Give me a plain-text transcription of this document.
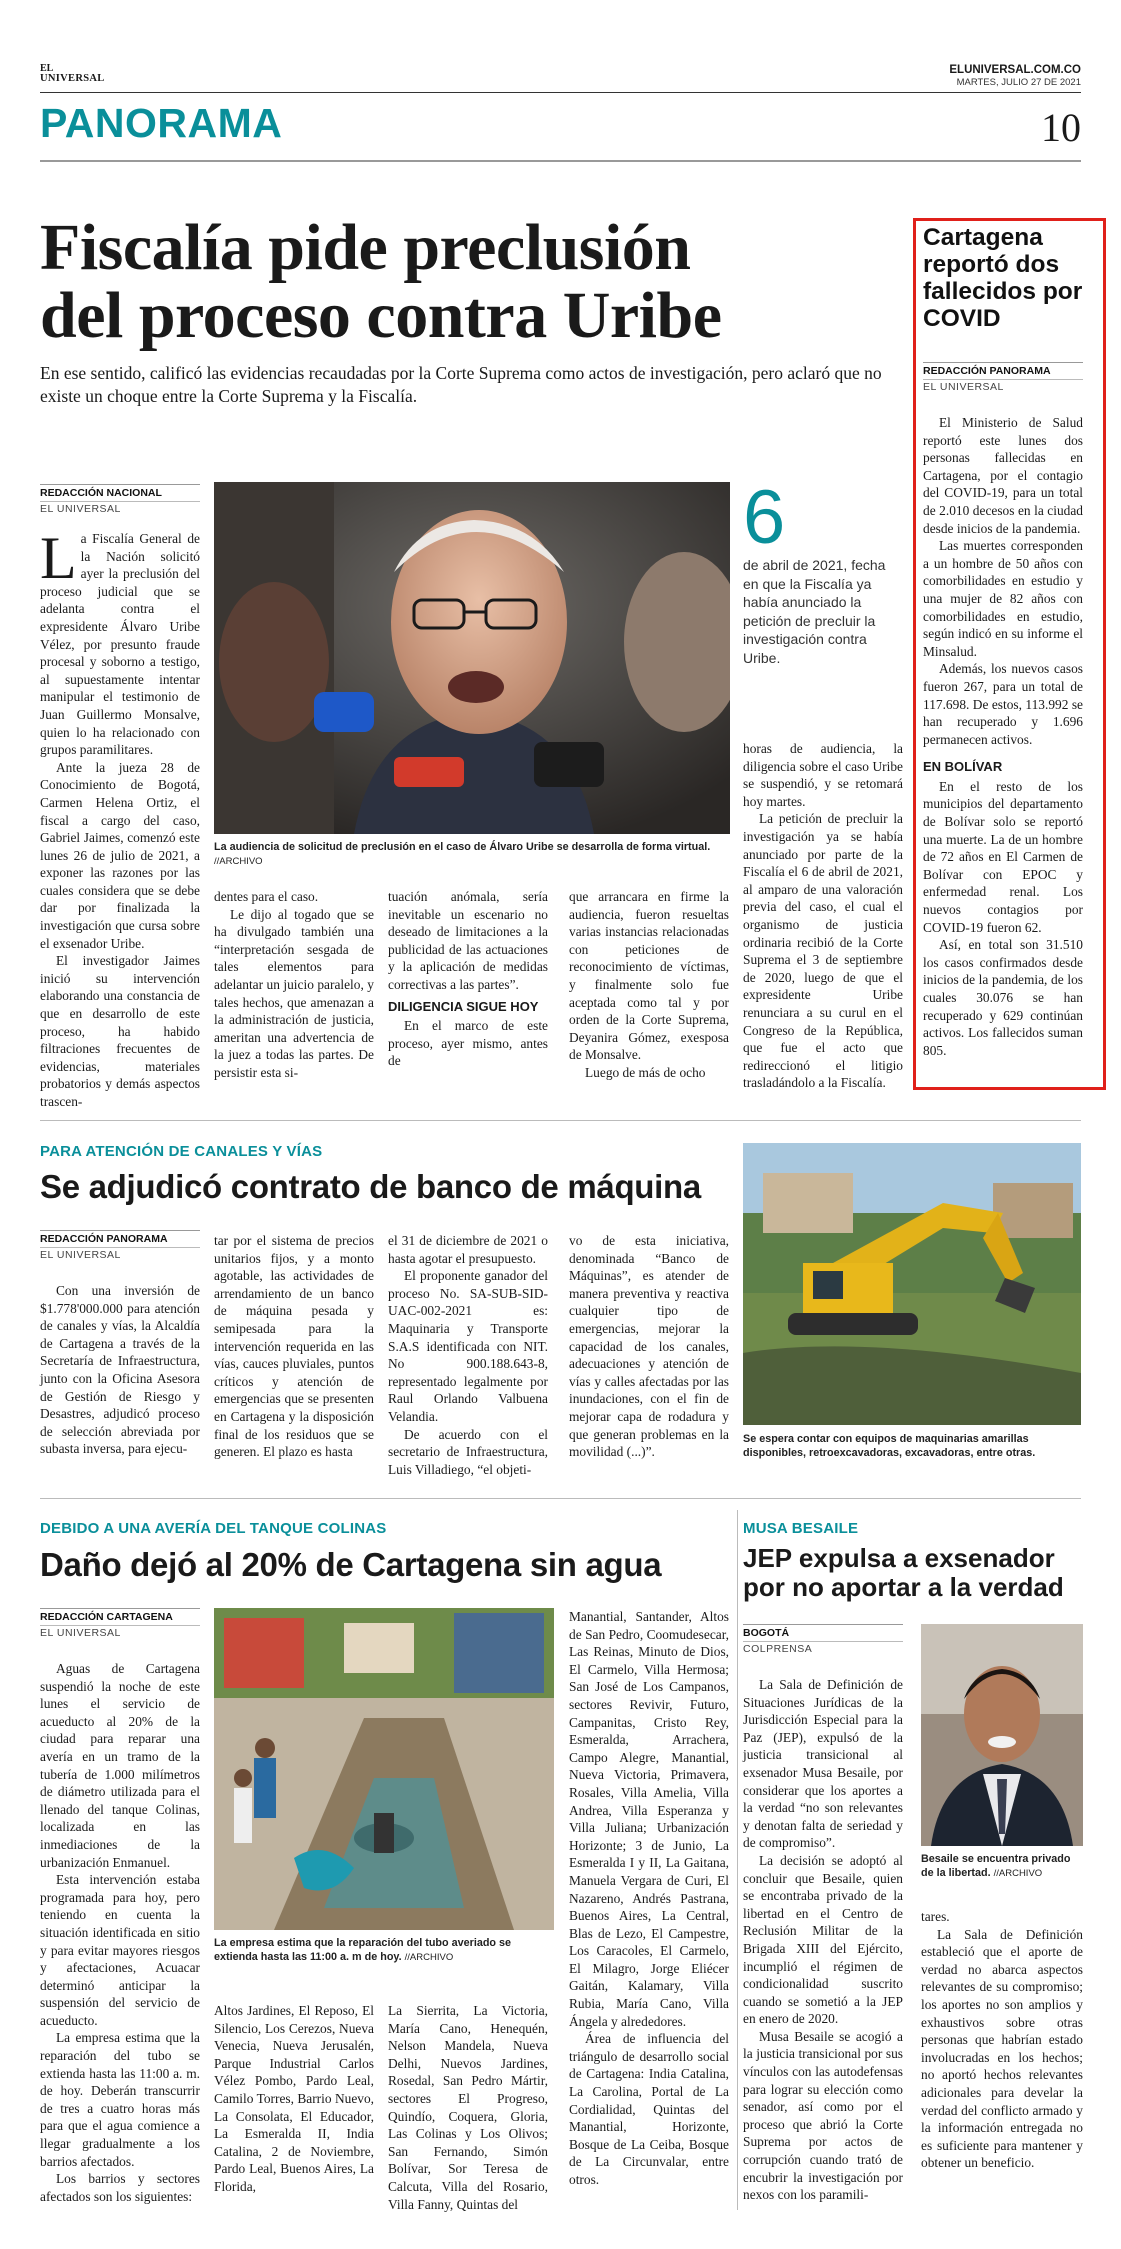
EL
UNIVERSAL
ELUNIVERSAL.COM.CO
MARTES, JULIO 27 DE 2021
PANORAMA	10
Fiscalía pide preclusión
del proceso contra Uribe
En ese sentido, calificó las evidencias recaudadas por la Corte Suprema como actos de investigación, pero aclaró que no existe un choque entre la Corte Suprema y la Fiscalía.
REDACCIÓN NACIONAL
EL UNIVERSAL

La Fiscalía General de la Nación solicitó ayer la preclusión del proceso judicial que se adelanta contra el expresidente Álvaro Uribe Vélez, por presunto fraude procesal y soborno a testigo, al supuestamente intentar manipular el testimonio de Juan Guillermo Monsalve, quien lo ha relacionado con grupos paramilitares.

Ante la jueza 28 de Conocimiento de Bogotá, Carmen Helena Ortiz, el fiscal a cargo del caso, Gabriel Jaimes, comenzó este lunes 26 de julio de 2021, a exponer las razones por las cuales considera que se debe dar por finalizada la investigación que cursa sobre el exsenador Uribe.

El investigador Jaimes inició su intervención elaborando una constancia de que en desarrollo de este proceso, ha habido filtraciones frecuentes de evidencias, materiales probatorios y demás aspectos trascen-

La audiencia de solicitud de preclusión en el caso de Álvaro Uribe se desarrolla de forma virtual. //ARCHIVO
6
de abril de 2021, fecha en que la Fiscalía ya había anunciado la petición de precluir la investigación contra Uribe.

dentes para el caso.

Le dijo al togado que se ha divulgado también una “interpretación sesgada de tales elementos para adelantar un juicio paralelo, y tales hechos, que amenazan a la administración de justicia, ameritan una advertencia de la juez a todas las partes. De persistir esta si-

tuación anómala, sería inevitable un escenario no deseado de limitaciones a la publicidad de las actuaciones y la aplicación de medidas correctivas a las partes”.

DILIGENCIA SIGUE HOY

En el marco de este proceso, ayer mismo, antes de

que arrancara en firme la audiencia, fueron resueltas varias instancias relacionadas con peticiones de reconocimiento de víctimas, y finalmente solo fue aceptada como tal y por orden de la Corte Suprema, Deyanira Gómez, exesposa de Monsalve.

Luego de más de ocho

horas de audiencia, la diligencia sobre el caso Uribe se suspendió, y se retomará hoy martes.

La petición de precluir la investigación ya se había anunciado por parte de la Fiscalía el 6 de abril de 2021, al amparo de una valoración previa del caso, el cual el organismo de justicia ordinaria recibió de la Corte Suprema el 3 de septiembre de 2020, luego de que el expresidente Uribe renunciara a su curul en el Congreso de la República, que fue el acto que redireccionó el litigio trasladándolo a la Fiscalía.

Cartagena reportó dos fallecidos por COVID
REDACCIÓN PANORAMA
EL UNIVERSAL

El Ministerio de Salud reportó este lunes dos personas fallecidas en Cartagena, por el contagio del COVID-19, para un total de 2.010 decesos en la ciudad desde inicios de la pandemia.

Las muertes corresponden a un hombre de 50 años con comorbilidades en estudio y una mujer de 82 años con comorbilidades en estudio, según indicó en su informe el Minsalud.

Además, los nuevos casos fueron 267, para un total de 117.698. De estos, 113.992 se han recuperado y 1.696 permanecen activos.

EN BOLÍVAR

En el resto de los municipios del departamento de Bolívar solo se reportó una muerte. La de un hombre de 72 años en El Carmen de Bolívar con EPOC y enfermedad renal. Los nuevos contagios por COVID-19 fueron 62.

Así, en total son 31.510 los casos confirmados desde inicios de la pandemia, de los cuales 30.076 se han recuperado y 629 continúan activos. Los fallecidos suman 805.

PARA ATENCIÓN DE CANALES Y VÍAS
Se adjudicó contrato de banco de máquina
REDACCIÓN PANORAMA
EL UNIVERSAL

Con una inversión de $1.778'000.000 para atención de canales y vías, la Alcaldía de Cartagena a través de la Secretaría de Infraestructura, junto con la Oficina Asesora de Gestión de Riesgo y Desastres, adjudicó proceso de selección abreviada por subasta inversa, para ejecu-

tar por el sistema de precios unitarios fijos, y a monto agotable, las actividades de arrendamiento de un banco de máquina pesada y semipesada para la intervención requerida en las vías, cauces pluviales, puntos críticos y atención de emergencias que se presenten en Cartagena y la disposición final de los residuos que se generen. El plazo es hasta

el 31 de diciembre de 2021 o hasta agotar el presupuesto.

El proponente ganador del proceso No. SA-SUB-SID-UAC-002-2021 es: Maquinaria y Transporte S.A.S identificada con NIT. No 900.188.643-8, representado legalmente por Raul Orlando Valbuena Velandia.

De acuerdo con el secretario de Infraestructura, Luis Villadiego, “el objeti-

vo de esta iniciativa, denominada “Banco de Máquinas”, es atender de manera preventiva y reactiva cualquier tipo de emergencias, mejorar la capacidad de los canales, adecuaciones y atención de vías y calles afectadas por las inundaciones, con el fin de mejorar capa de rodadura y que generan problemas en la movilidad (...)”.

Se espera contar con equipos de maquinarias amarillas disponibles, retroexcavadoras, excavadoras, entre otras.
DEBIDO A UNA AVERÍA DEL TANQUE COLINAS
Daño dejó al 20% de Cartagena sin agua
REDACCIÓN CARTAGENA
EL UNIVERSAL

Aguas de Cartagena suspendió la noche de este lunes el servicio de acueducto al 20% de la ciudad para reparar una avería en un tramo de la tubería de 1.000 milímetros de diámetro utilizada para el llenado del tanque Colinas, localizada en las inmediaciones de la urbanización Enmanuel.

Esta intervención estaba programada para hoy, pero teniendo en cuenta la situación identificada en sitio y para evitar mayores riesgos y afectaciones, Acuacar determinó anticipar la suspensión del servicio de acueducto.

La empresa estima que la reparación del tubo se extienda hasta las 11:00 a. m. de hoy. Deberán transcurrir de tres a cuatro horas más para que el agua comience a llegar gradualmente a los barrios afectados.

Los barrios y sectores afectados son los siguientes:

La empresa estima que la reparación del tubo averiado se extienda hasta las 11:00 a. m de hoy. //ARCHIVO

Altos Jardines, El Reposo, El Silencio, Los Cerezos, Nueva Venecia, Nueva Jerusalén, Parque Industrial Carlos Vélez Pombo, Pardo Leal, Camilo Torres, Barrio Nuevo, La Consolata, El Educador, La Esmeralda II, India Catalina, 2 de Noviembre, Pardo Leal, Buenos Aires, La Florida,

La Sierrita, La Victoria, María Cano, Henequén, Nelson Mandela, Nueva Delhi, Nuevos Jardines, Rosedal, San Pedro Mártir, sectores El Progreso, Quindío, Coquera, Gloria, Las Colinas y Los Olivos; San Fernando, Simón Bolívar, Sor Teresa de Calcuta, Villa del Rosario, Villa Fanny, Quintas del

Manantial, Santander, Altos de San Pedro, Coomudesecar, Las Reinas, Minuto de Dios, El Carmelo, Villa Hermosa; San José de Los Campanos, sectores Revivir, Futuro, Campanitas, Cristo Rey, Esmeralda, Arrachera, Campo Alegre, Manantial, Nueva Victoria, Primavera, Rosales, Villa Amelia, Villa Andrea, Villa Esperanza y Villa Juliana; Urbanización Horizonte; 3 de Junio, La Esmeralda I y II, La Gaitana, Manuela Vergara de Curi, El Nazareno, Andrés Pastrana, Buenos Aires, La Central, Blas de Lezo, El Campestre, Los Caracoles, El Carmelo, El Milagro, Jorge Eliécer Gaitán, Kalamary, Villa Rubia, María Cano, Villa Ángela y alrededores.

Área de influencia del triángulo de desarrollo social de Cartagena: India Catalina, La Carolina, Portal de La Cordialidad, Quintas del Manantial, Horizonte, Bosque de La Ceiba, Bosque de La Circunvalar, entre otros.

MUSA BESAILE
JEP expulsa a exsenador por no aportar a la verdad
BOGOTÁ
COLPRENSA

La Sala de Definición de Situaciones Jurídicas de la Jurisdicción Especial para la Paz (JEP), expulsó de la justicia transicional al exsenador Musa Besaile, por considerar que los aportes a la verdad “no son relevantes y denotan falta de seriedad y de compromiso”.

La decisión se adoptó al concluir que Besaile, quien se encontraba privado de la libertad en el Centro de Reclusión Militar de la Brigada XIII del Ejército, incumplió el régimen de condicionalidad suscrito cuando se sometió a la JEP en enero de 2020.

Musa Besaile se acogió a la justicia transicional por sus vínculos con las autodefensas para lograr su elección como senador, así como por el proceso que abrió la Corte Suprema por actos de corrupción cuando trató de encubrir la investigación por nexos con los paramili-

Besaile se encuentra privado de la libertad. //ARCHIVO

tares.

La Sala de Definición estableció que el aporte de verdad no abarca aspectos relevantes de su compromiso; los aportes no son amplios y exhaustivos sobre otras personas que habrían estado involucradas en los hechos; no aportó hechos relevantes adicionales para develar la verdad del conflicto armado y la información entregada no es suficiente para mantener y obtener un beneficio.
